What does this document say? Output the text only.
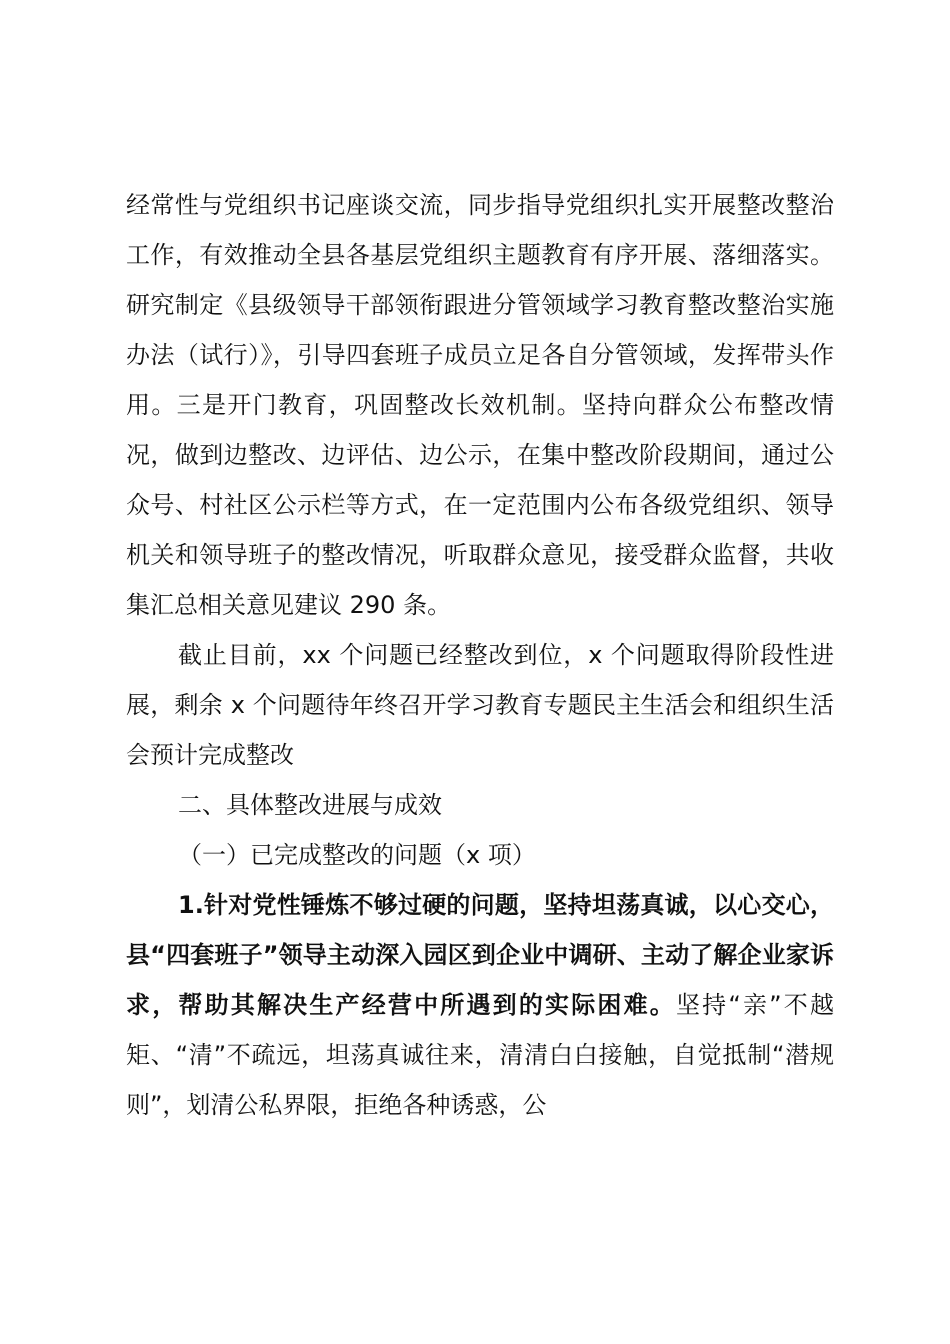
经常性与党组织书记座谈交流，同步指导党组织扎实开展整改整治工作，有效推动全县各基层党组织主题教育有序开展、落细落实。研究制定《县级领导干部领衔跟进分管领域学习教育整改整治实施办法（试行）》，引导四套班子成员立足各自分管领域，发挥带头作用。三是开门教育，巩固整改长效机制。坚持向群众公布整改情况，做到边整改、边评估、边公示，在集中整改阶段期间，通过公众号、村社区公示栏等方式，在一定范围内公布各级党组织、领导机关和领导班子的整改情况，听取群众意见，接受群众监督，共收集汇总相关意见建议 290 条。

截止目前，xx 个问题已经整改到位，x 个问题取得阶段性进展，剩余 x 个问题待年终召开学习教育专题民主生活会和组织生活会预计完成整改

二、具体整改进展与成效

（一）已完成整改的问题（x 项）

1.针对党性锤炼不够过硬的问题，坚持坦荡真诚，以心交心，县“四套班子”领导主动深入园区到企业中调研、主动了解企业家诉求，帮助其解决生产经营中所遇到的实际困难。坚持“亲”不越矩、“清”不疏远，坦荡真诚往来，清清白白接触，自觉抵制“潜规则”，划清公私界限，拒绝各种诱惑，公
